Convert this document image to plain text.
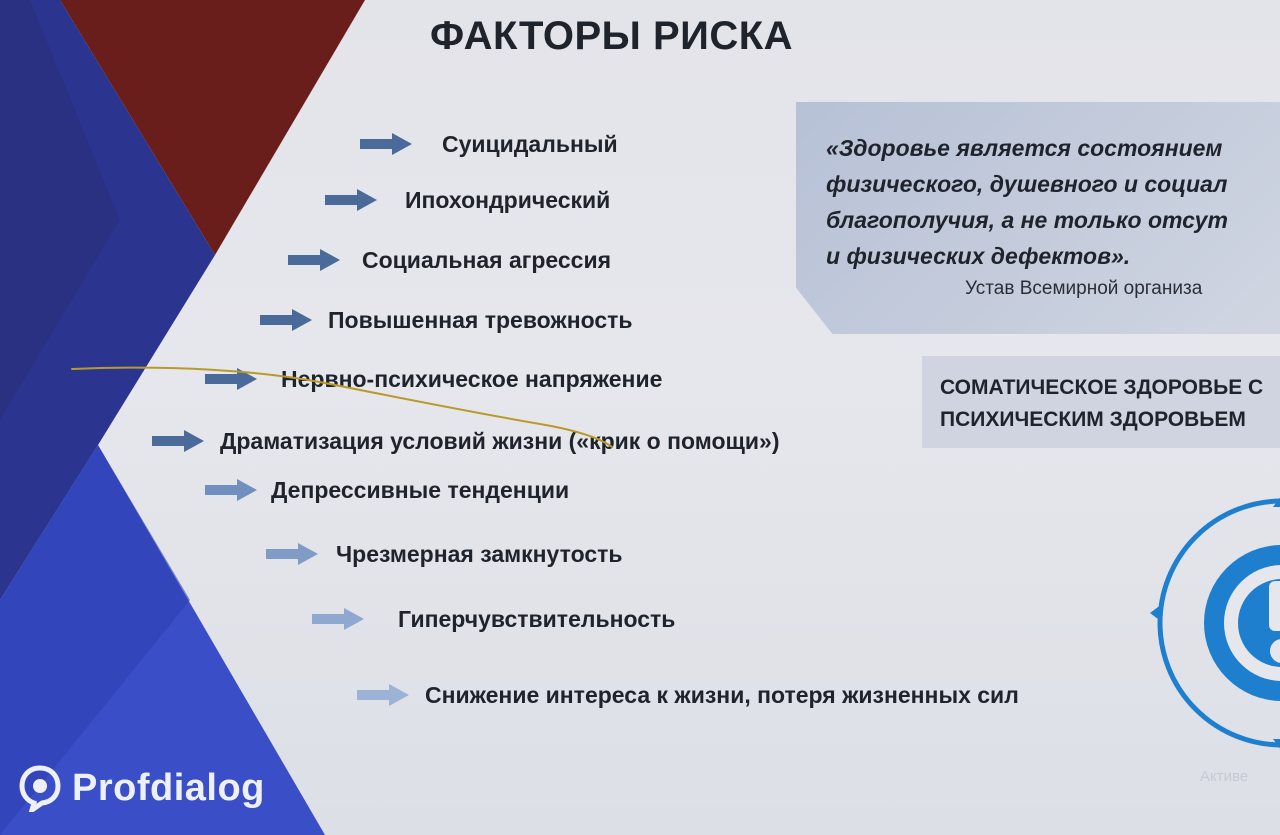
ФАКТОРЫ РИСКА
Суицидальный
Ипохондрический
Социальная агрессия
Повышенная тревожность
Нервно-психическое напряжение
Драматизация условий жизни («крик о помощи»)
Депрессивные тенденции
Чрезмерная замкнутость
Гиперчувствительность
Снижение интереса к жизни, потеря жизненных сил

«Здоровье является состоянием
физического, душевного и социал
благополучия, а не только отсут
и физических дефектов».

Устав Всемирной организа

СОМАТИЧЕСКОЕ ЗДОРОВЬЕ С
ПСИХИЧЕСКИМ ЗДОРОВЬЕМ

Profdialog	Активе
